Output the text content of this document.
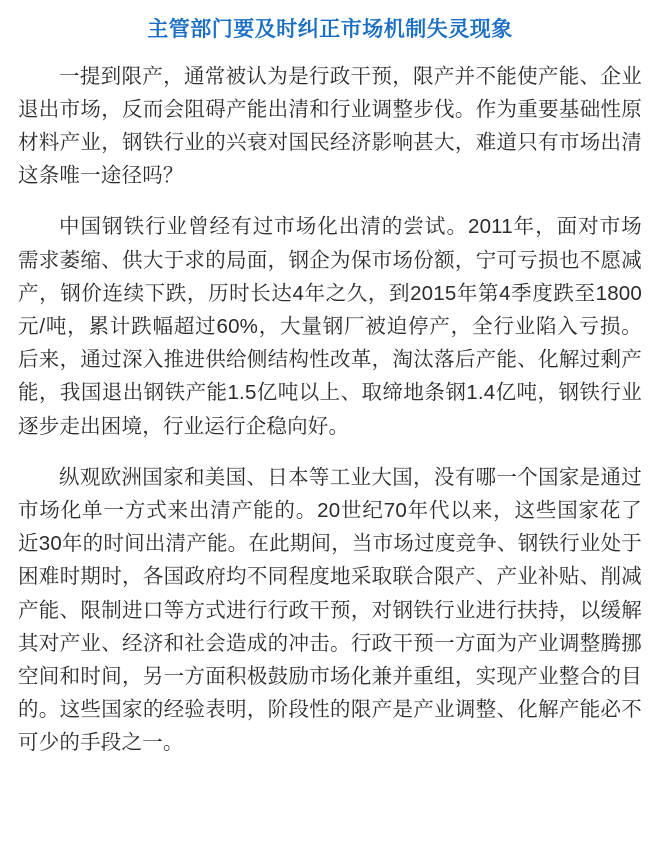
主管部门要及时纠正市场机制失灵现象

一提到限产，通常被认为是行政干预，限产并不能使产能、企业退出市场，反而会阻碍产能出清和行业调整步伐。作为重要基础性原材料产业，钢铁行业的兴衰对国民经济影响甚大，难道只有市场出清这条唯一途径吗？

中国钢铁行业曾经有过市场化出清的尝试。2011年，面对市场需求萎缩、供大于求的局面，钢企为保市场份额，宁可亏损也不愿减产，钢价连续下跌，历时长达4年之久，到2015年第4季度跌至1800元/吨，累计跌幅超过60%，大量钢厂被迫停产，全行业陷入亏损。后来，通过深入推进供给侧结构性改革，淘汰落后产能、化解过剩产能，我国退出钢铁产能1.5亿吨以上、取缔地条钢1.4亿吨，钢铁行业逐步走出困境，行业运行企稳向好。

纵观欧洲国家和美国、日本等工业大国，没有哪一个国家是通过市场化单一方式来出清产能的。20世纪70年代以来，这些国家花了近30年的时间出清产能。在此期间，当市场过度竞争、钢铁行业处于困难时期时，各国政府均不同程度地采取联合限产、产业补贴、削减产能、限制进口等方式进行行政干预，对钢铁行业进行扶持，以缓解其对产业、经济和社会造成的冲击。行政干预一方面为产业调整腾挪空间和时间，另一方面积极鼓励市场化兼并重组，实现产业整合的目的。这些国家的经验表明，阶段性的限产是产业调整、化解产能必不可少的手段之一。
